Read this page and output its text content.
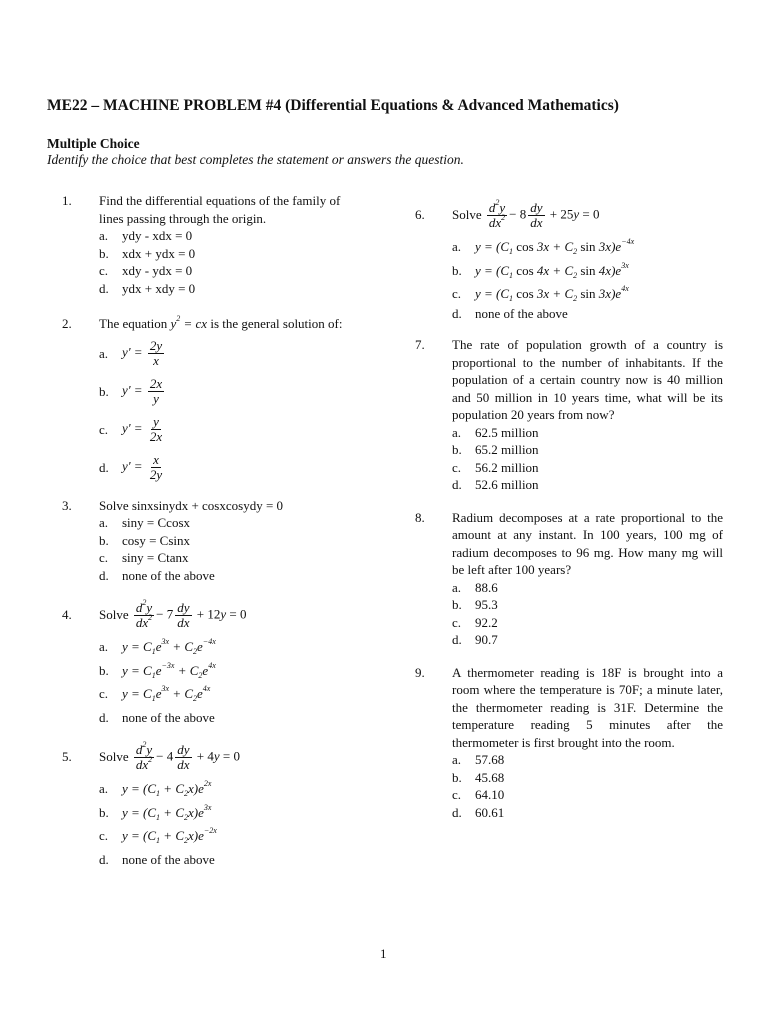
ME22 – MACHINE PROBLEM #4 (Differential Equations & Advanced Mathematics)
Multiple Choice
Identify the choice that best completes the statement or answers the question.
1. Find the differential equations of the family of lines passing through the origin.
a.	ydy - xdx = 0
b.	xdx + ydx = 0
c.	xdy - ydx = 0
d.	ydx + xdy = 0
2. The equation $y^2$ = cx is the general solution of:
a.	$y' = \frac{2y}{x}$
b.	$y' = \frac{2x}{y}$
c.	$y' = \frac{y}{2x}$
d.	$y' = \frac{x}{2y}$
3. Solve sinxsinydx + cosxcosydy = 0
a.	siny = Ccosx
b.	cosy = Csinx
c.	siny = Ctanx
d.	none of the above
4. Solve
$\frac{d^2y}{dx^2} - 7 \frac{dy}{dx} + 12y = 0$
a.	$y = C_1e^{3x} + C_2e^{-4x}$
b.	$y = C_1e^{-3x} + C_2e^{4x}$
c.	$y = C_1e^{3x} + C_2e^{4x}$
d.	none of the above
5. Solve
$\frac{d^2y}{dx^2} - 4 \frac{dy}{dx} + 4y = 0$
a.	$y = (C_1 + C_2x)e^{2x}$
b.	$y = (C_1 + C_2x)e^{3x}$
c.	$y = (C_1 + C_2x)e^{-2x}$
d.	none of the above
6. Solve
$\frac{d^2y}{dx^2} - 8 \frac{dy}{dx} + 25y = 0$
a.	$y = (C_1$ $\cos 3x + C_2$ $\sin 3x)e^{-4x}$
b.	$y = (C_1$ $\cos 4x + C_2$ $\sin 4x)e^{3x}$
c.	$y = (C_1$ $\cos 3x + C_2$ $\sin 3x)e^{4x}$
d.	none of the above
7. The rate of population growth of a country is proportional to the number of inhabitants. If the population of a certain country now is 40 million and 50 million in 10 years time, what will be its population 20 years from now?
a.	62.5 million
b.	65.2 million
c.	56.2 million
d.	52.6 million
8. Radium decomposes at a rate proportional to the amount at any instant. In 100 years, 100 mg of radium decomposes to 96 mg. How many mg will be left after 100 years?
a.	88.6
b.	95.3
c.	92.2
d.	90.7
9. A thermometer reading is 18F is brought into a room where the temperature is 70F; a minute later, the thermometer reading is 31F. Determine the temperature reading 5 minutes after the thermometer is first brought into the room.
a.	57.68
b.	45.68
c.	64.10
d.	60.61
1
